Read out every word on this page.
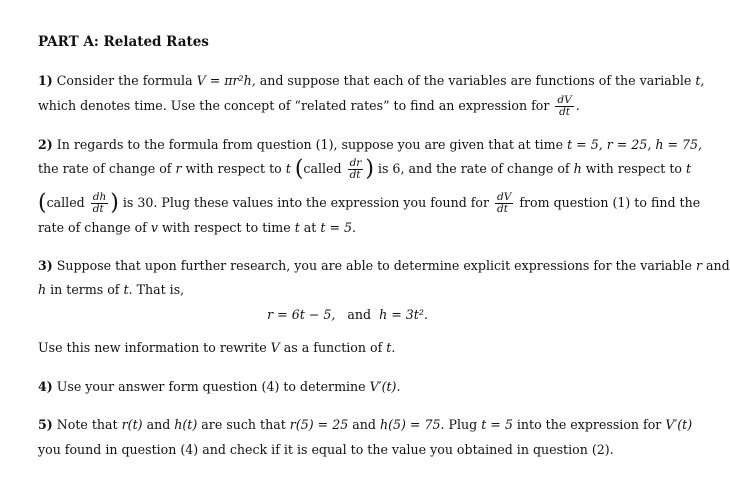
PART A: Related Rates
1) Consider the formula V = πr²h, and suppose that each of the variables are functions of the variable t,
which denotes time. Use the concept of “related rates” to find an expression for $\frac{dV}{dt}$ .
2) In regards to the formula from question (1), suppose you are given that at time t = 5, r = 25, h = 75,
the rate of change of r with respect to t (called $\frac{dr}{dt}$ ) is 6, and the rate of change of h with respect to t
(called $\frac{dh}{dt}$ ) is 30. Plug these values into the expression you found for $\frac{dV}{dt}$ from question (1) to find the
rate of change of v with respect to time t at t = 5.
3) Suppose that upon further research, you are able to determine explicit expressions for the variable r and
h in terms of t. That is,
r = 6t − 5, and h = 3t².
Use this new information to rewrite V as a function of t.
4) Use your answer form question (4) to determine V′(t).
5) Note that r(t) and h(t) are such that r(5) = 25 and h(5) = 75. Plug t = 5 into the expression for V′(t)
you found in question (4) and check if it is equal to the value you obtained in question (2).
